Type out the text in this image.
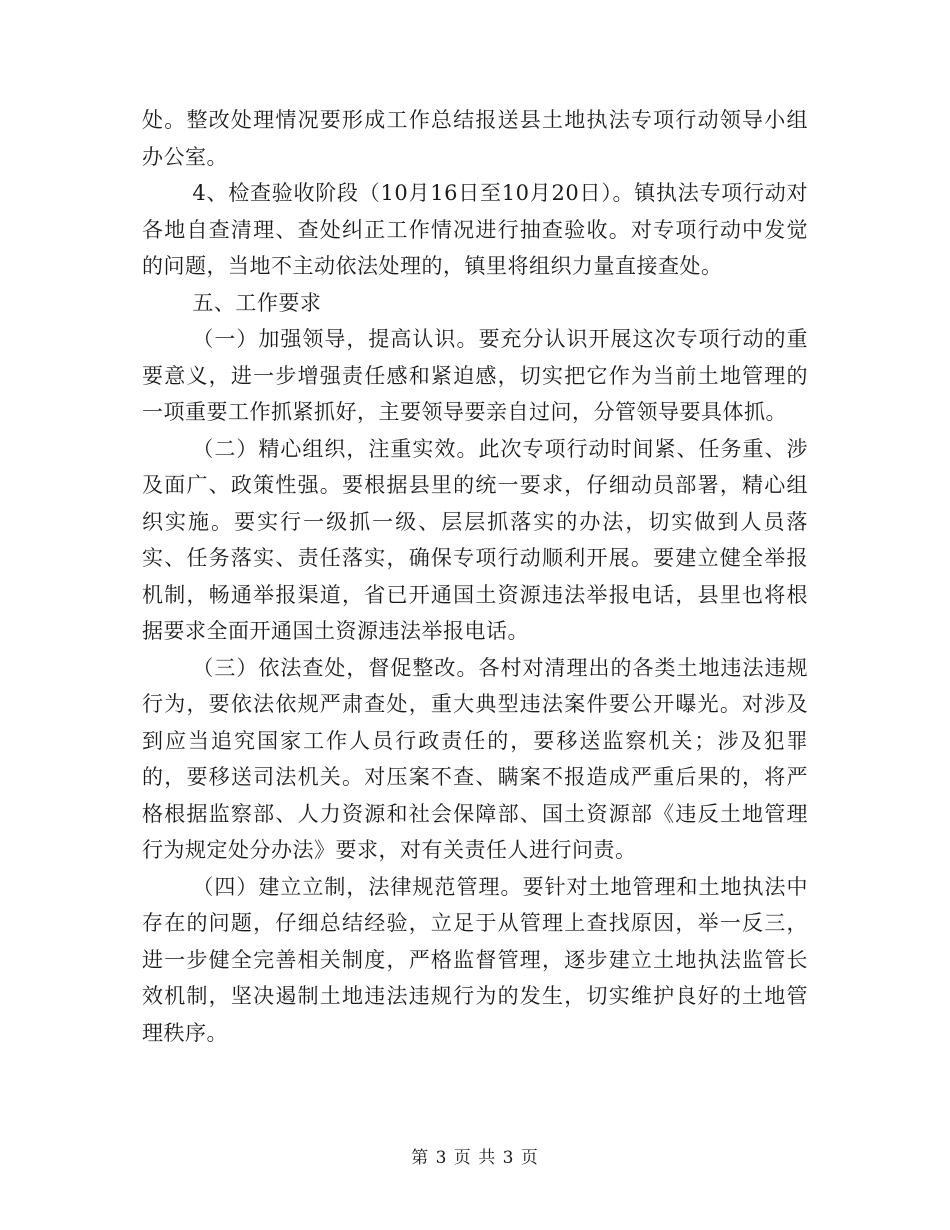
处。整改处理情况要形成工作总结报送县土地执法专项行动领导小组办公室。

4、检查验收阶段（10月16日至10月20日）。镇执法专项行动对各地自查清理、查处纠正工作情况进行抽查验收。对专项行动中发觉的问题，当地不主动依法处理的，镇里将组织力量直接查处。

五、工作要求

（一）加强领导，提高认识。要充分认识开展这次专项行动的重要意义，进一步增强责任感和紧迫感，切实把它作为当前土地管理的一项重要工作抓紧抓好，主要领导要亲自过问，分管领导要具体抓。

（二）精心组织，注重实效。此次专项行动时间紧、任务重、涉及面广、政策性强。要根据县里的统一要求，仔细动员部署，精心组织实施。要实行一级抓一级、层层抓落实的办法，切实做到人员落实、任务落实、责任落实，确保专项行动顺利开展。要建立健全举报机制，畅通举报渠道，省已开通国土资源违法举报电话，县里也将根据要求全面开通国土资源违法举报电话。

（三）依法查处，督促整改。各村对清理出的各类土地违法违规行为，要依法依规严肃查处，重大典型违法案件要公开曝光。对涉及到应当追究国家工作人员行政责任的，要移送监察机关；涉及犯罪的，要移送司法机关。对压案不查、瞒案不报造成严重后果的，将严格根据监察部、人力资源和社会保障部、国土资源部《违反土地管理行为规定处分办法》要求，对有关责任人进行问责。

（四）建立立制，法律规范管理。要针对土地管理和土地执法中存在的问题，仔细总结经验，立足于从管理上查找原因，举一反三，进一步健全完善相关制度，严格监督管理，逐步建立土地执法监管长效机制，坚决遏制土地违法违规行为的发生，切实维护良好的土地管理秩序。

第 3 页 共 3 页
